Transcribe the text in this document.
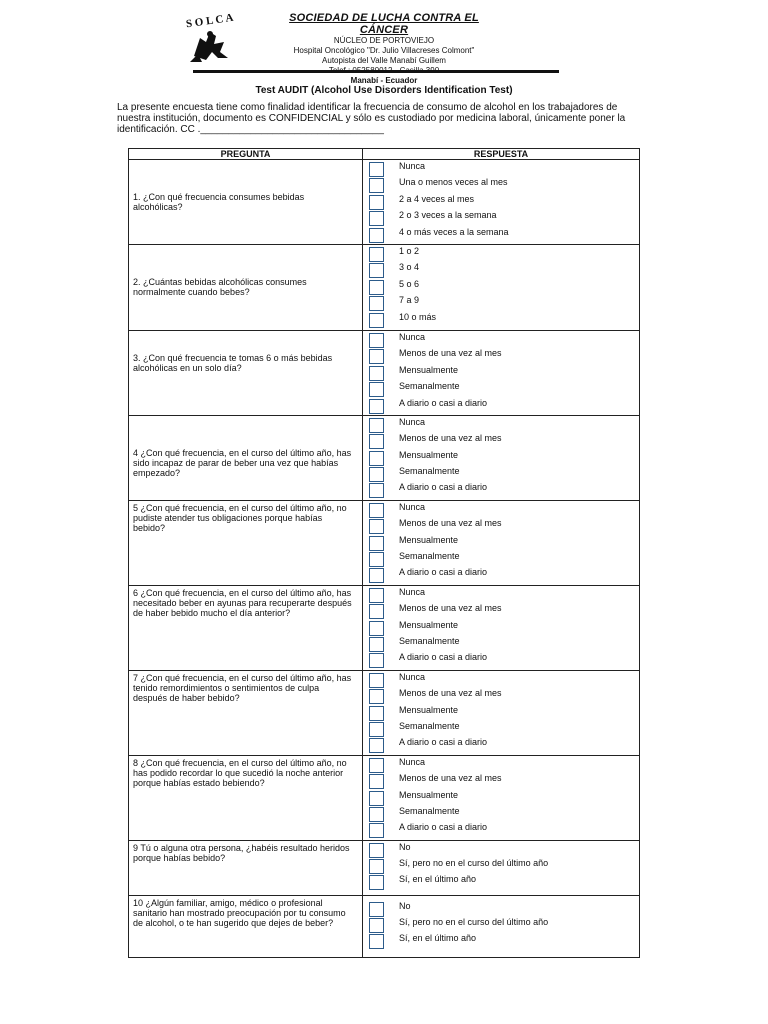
S O L C A	SOCIEDAD DE LUCHA CONTRA EL CÁNCER
NÚCLEO DE PORTOVIEJO
Hospital Oncológico "Dr. Julio Villacreses Colmont"
Autopista del Valle Manabí Guillem
Manabí - Ecuador
Test AUDIT (Alcohol Use Disorders Identification Test)
La presente encuesta tiene como finalidad identificar la frecuencia de consumo de alcohol en los trabajadores de nuestra institución, documento es CONFIDENCIAL y sólo es custodiado por medicina laboral, únicamente poner la identificación. CC ._________________________________
PREGUNTA	RESPUESTA

1. ¿Con qué frecuencia consumes bebidas alcohólicas?	Nunca
Una o menos veces al mes
2 a 4 veces al mes
2 o 3 veces a la semana
4 o más veces a la semana

2. ¿Cuántas bebidas alcohólicas consumes normalmente cuando bebes?	1 o 2
3 o 4
5 o 6
7 a 9
10 o más

3. ¿Con qué frecuencia te tomas 6 o más bebidas alcohólicas en un solo día?	Nunca
Menos de una vez al mes
Mensualmente
Semanalmente
A diario o casi a diario

4 ¿Con qué frecuencia, en el curso del último año, has sido incapaz de parar de beber una vez que habías empezado?	Nunca
Menos de una vez al mes
Mensualmente
Semanalmente
A diario o casi a diario

5 ¿Con qué frecuencia, en el curso del último año, no pudiste atender tus obligaciones porque habías bebido?	Nunca
Menos de una vez al mes
Mensualmente
Semanalmente
A diario o casi a diario

6 ¿Con qué frecuencia, en el curso del último año, has necesitado beber en ayunas para recuperarte después de haber bebido mucho el día anterior?	Nunca
Menos de una vez al mes
Mensualmente
Semanalmente
A diario o casi a diario

7 ¿Con qué frecuencia, en el curso del último año, has tenido remordimientos o sentimientos de culpa después de haber bebido?	Nunca
Menos de una vez al mes
Mensualmente
Semanalmente
A diario o casi a diario

8 ¿Con qué frecuencia, en el curso del último año, no has podido recordar lo que sucedió la noche anterior porque habías estado bebiendo?	Nunca
Menos de una vez al mes
Mensualmente
Semanalmente
A diario o casi a diario

9 Tú o alguna otra persona, ¿habéis resultado heridos porque habías bebido?	No
Sí, pero no en el curso del último año
Sí, en el último año

10 ¿Algún familiar, amigo, médico o profesional sanitario han mostrado preocupación por tu consumo de alcohol, o te han sugerido que dejes de beber?	No
Sí, pero no en el curso del último año
Sí, en el último año
